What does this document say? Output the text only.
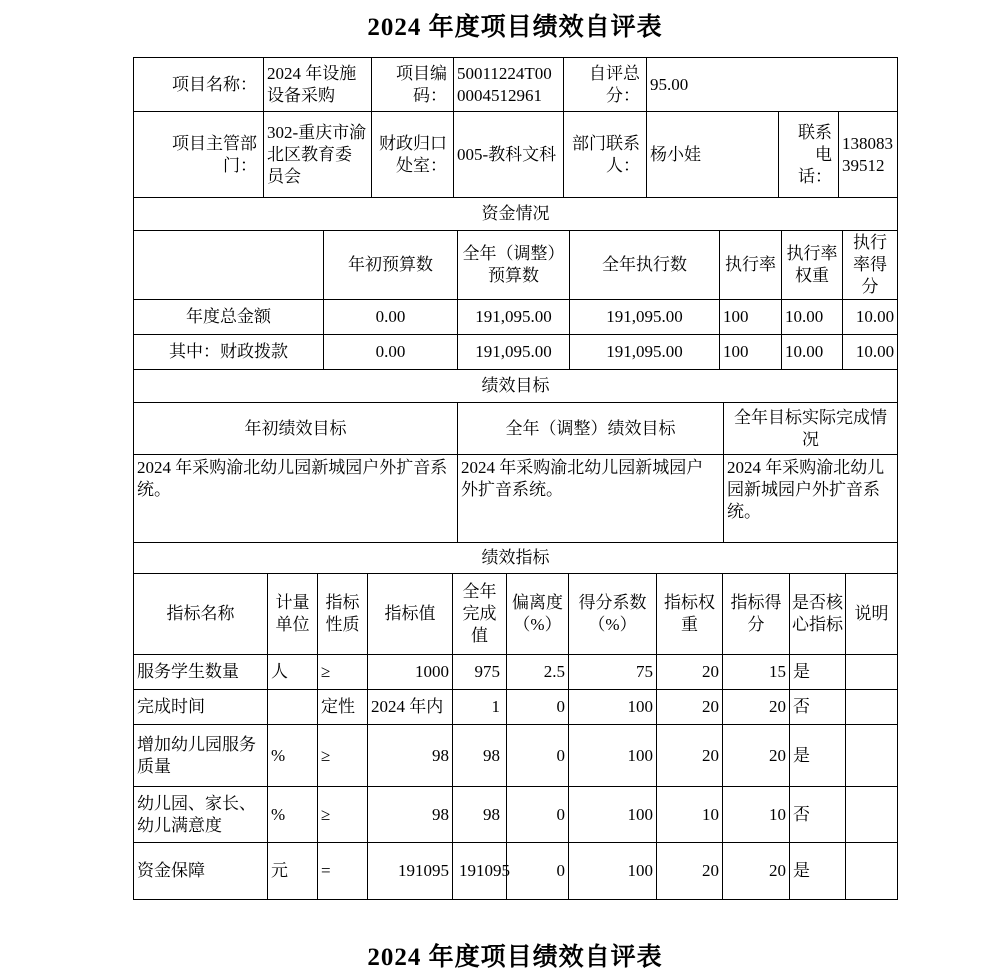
2024 年度项目绩效自评表
项目名称：	2024 年设施设备采购	项目编码：	50011224T000004512961	自评总分：	95.00		
项目主管部门：	302-重庆市渝北区教育委员会	财政归口处室：	005-教科文科	部门联系人：	杨小娃	联系电话：	13808339512
资金情况						
	年初预算数	全年（调整）预算数	全年执行数	执行率	执行率权重	执行率得分
年度总金额	0.00	191,095.00	191,095.00	100	10.00	10.00
其中：财政拨款	0.00	191,095.00	191,095.00	100	10.00	10.00
绩效目标		
年初绩效目标	全年（调整）绩效目标	全年目标实际完成情况
2024 年采购渝北幼儿园新城园户外扩音系统。	2024 年采购渝北幼儿园新城园户外扩音系统。	2024 年采购渝北幼儿园新城园户外扩音系统。
绩效指标										
指标名称	计量单位	指标性质	指标值	全年完成值	偏离度（%）	得分系数（%）	指标权重	指标得分	是否核心指标	说明
服务学生数量	人	≥	1000	975	2.5	75	20	15	是	
完成时间		定性	2024 年内	1	0	100	20	20	否	
增加幼儿园服务质量	%	≥	98	98	0	100	20	20	是	
幼儿园、家长、幼儿满意度	%	≥	98	98	0	100	10	10	否	
资金保障	元	=	191095	191095	0	100	20	20	是	
2024 年度项目绩效自评表
